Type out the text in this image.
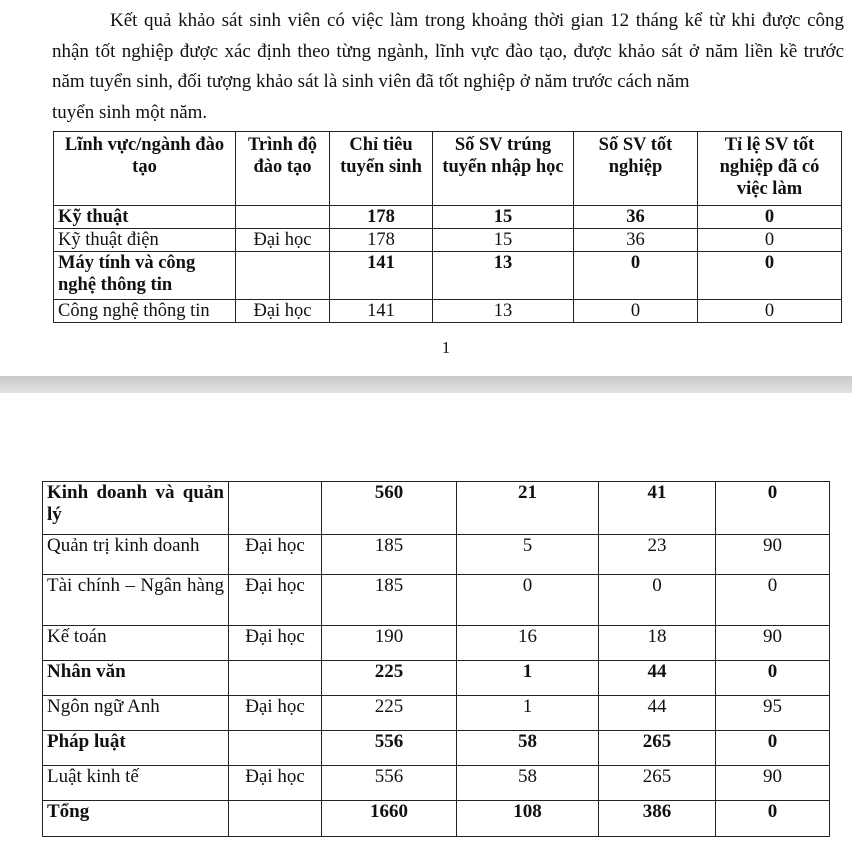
Kết quả khảo sát sinh viên có việc làm trong khoảng thời gian 12 tháng kể từ khi được công nhận tốt nghiệp được xác định theo từng ngành, lĩnh vực đào tạo, được khảo sát ở năm liền kề trước năm tuyển sinh, đối tượng khảo sát là sinh viên đã tốt nghiệp ở năm trước cách năm
tuyển sinh một năm.

Lĩnh vực/ngành đào tạo	Trình độ đào tạo	Chỉ tiêu tuyển sinh	Số SV trúng tuyển nhập học	Số SV tốt nghiệp	Tỉ lệ SV tốt nghiệp đã có việc làm
Kỹ thuật		178	15	36	0
Kỹ thuật điện	Đại học	178	15	36	0
Máy tính và công nghệ thông tin		141	13	0	0
Công nghệ thông tin	Đại học	141	13	0	0
1
Kinh doanh và quản lý		560	21	41	0
Quản trị kinh doanh	Đại học	185	5	23	90
Tài chính – Ngân hàng	Đại học	185	0	0	0
Kế toán	Đại học	190	16	18	90
Nhân văn		225	1	44	0
Ngôn ngữ Anh	Đại học	225	1	44	95
Pháp luật		556	58	265	0
Luật kinh tế	Đại học	556	58	265	90
Tổng		1660	108	386	0
